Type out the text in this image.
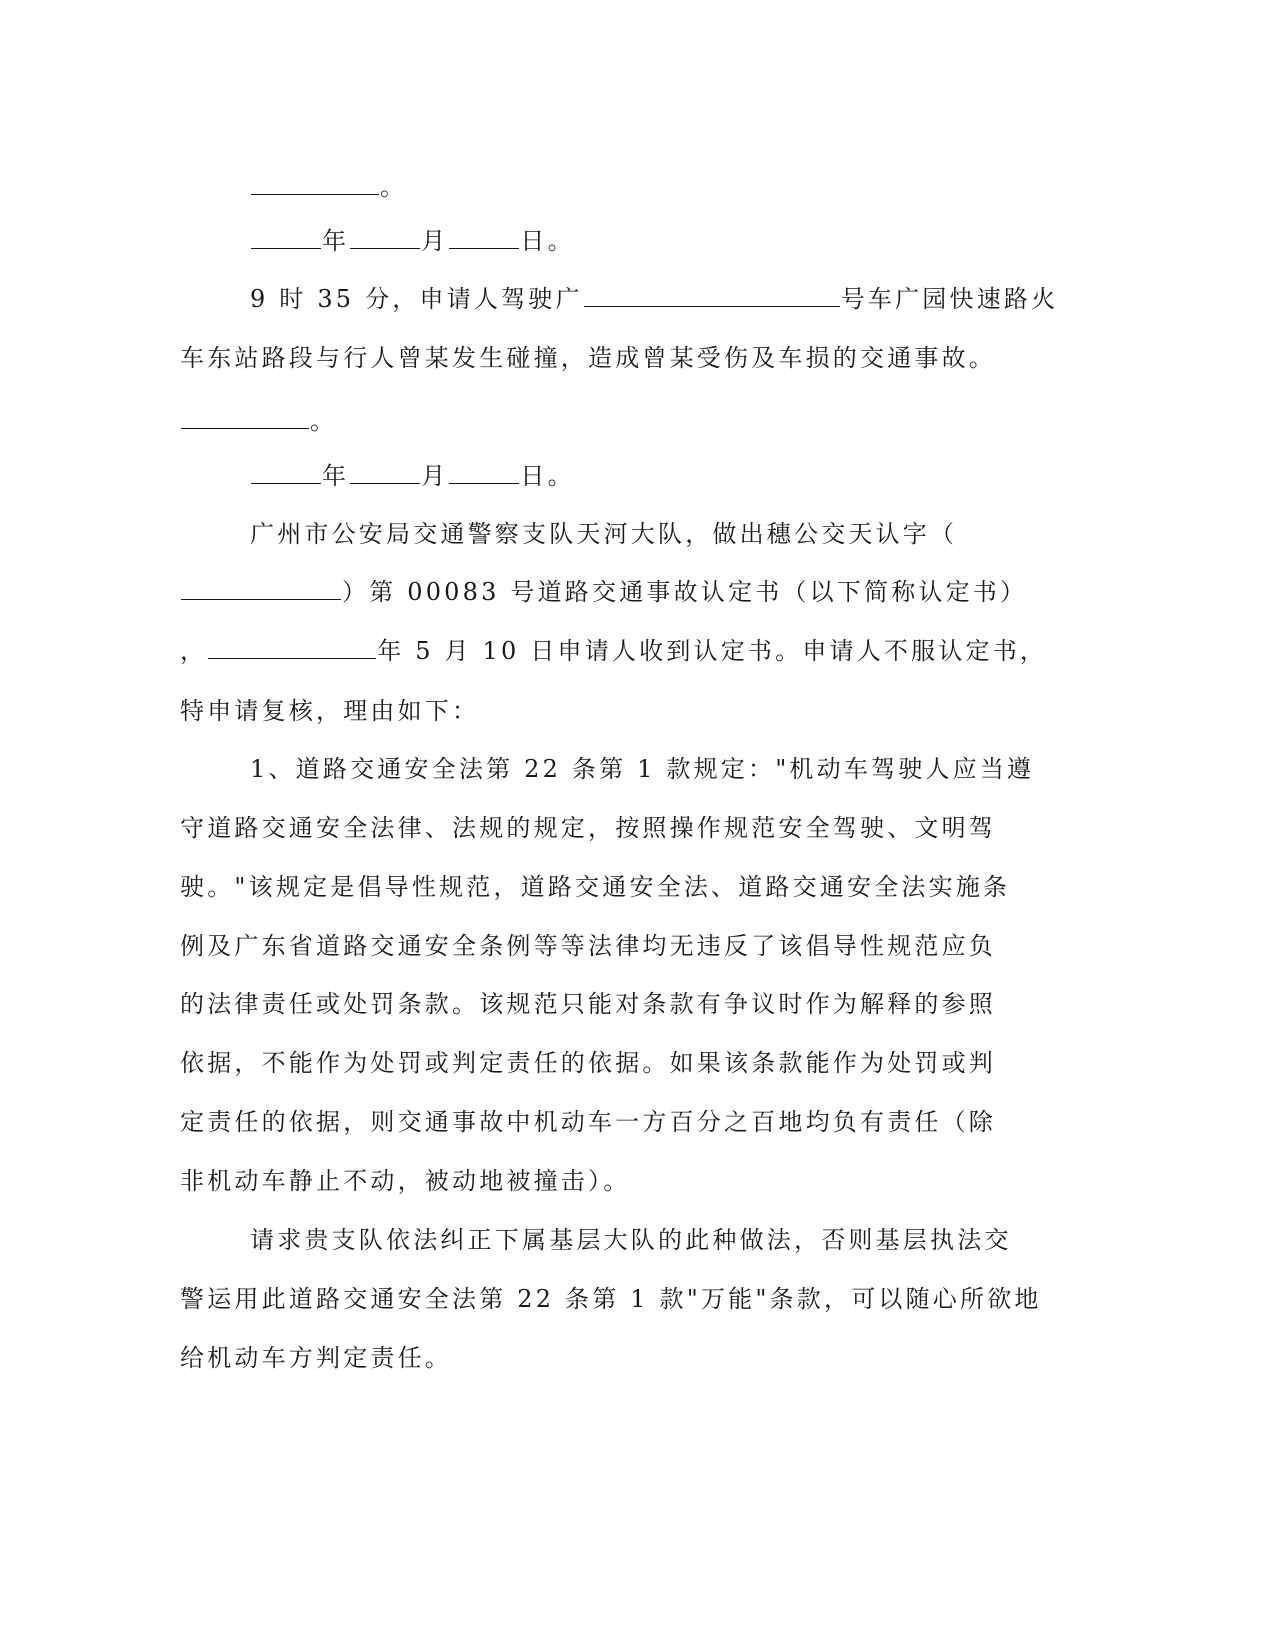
。
年	月	日。
9 时 35 分，申请人驾驶广	号车广园快速路火
车东站路段与行人曾某发生碰撞，造成曾某受伤及车损的交通事故。
。
年	月	日。
广州市公安局交通警察支队天河大队，做出穗公交天认字（
）第 00083 号道路交通事故认定书（以下简称认定书）
，	年 5 月 10 日申请人收到认定书。申请人不服认定书，
特申请复核，理由如下：
1、道路交通安全法第 22 条第 1 款规定："机动车驾驶人应当遵
守道路交通安全法律、法规的规定，按照操作规范安全驾驶、文明驾
驶。"该规定是倡导性规范，道路交通安全法、道路交通安全法实施条
例及广东省道路交通安全条例等等法律均无违反了该倡导性规范应负
的法律责任或处罚条款。该规范只能对条款有争议时作为解释的参照
依据，不能作为处罚或判定责任的依据。如果该条款能作为处罚或判
定责任的依据，则交通事故中机动车一方百分之百地均负有责任（除
非机动车静止不动，被动地被撞击）。
请求贵支队依法纠正下属基层大队的此种做法，否则基层执法交
警运用此道路交通安全法第 22 条第 1 款"万能"条款，可以随心所欲地
给机动车方判定责任。
